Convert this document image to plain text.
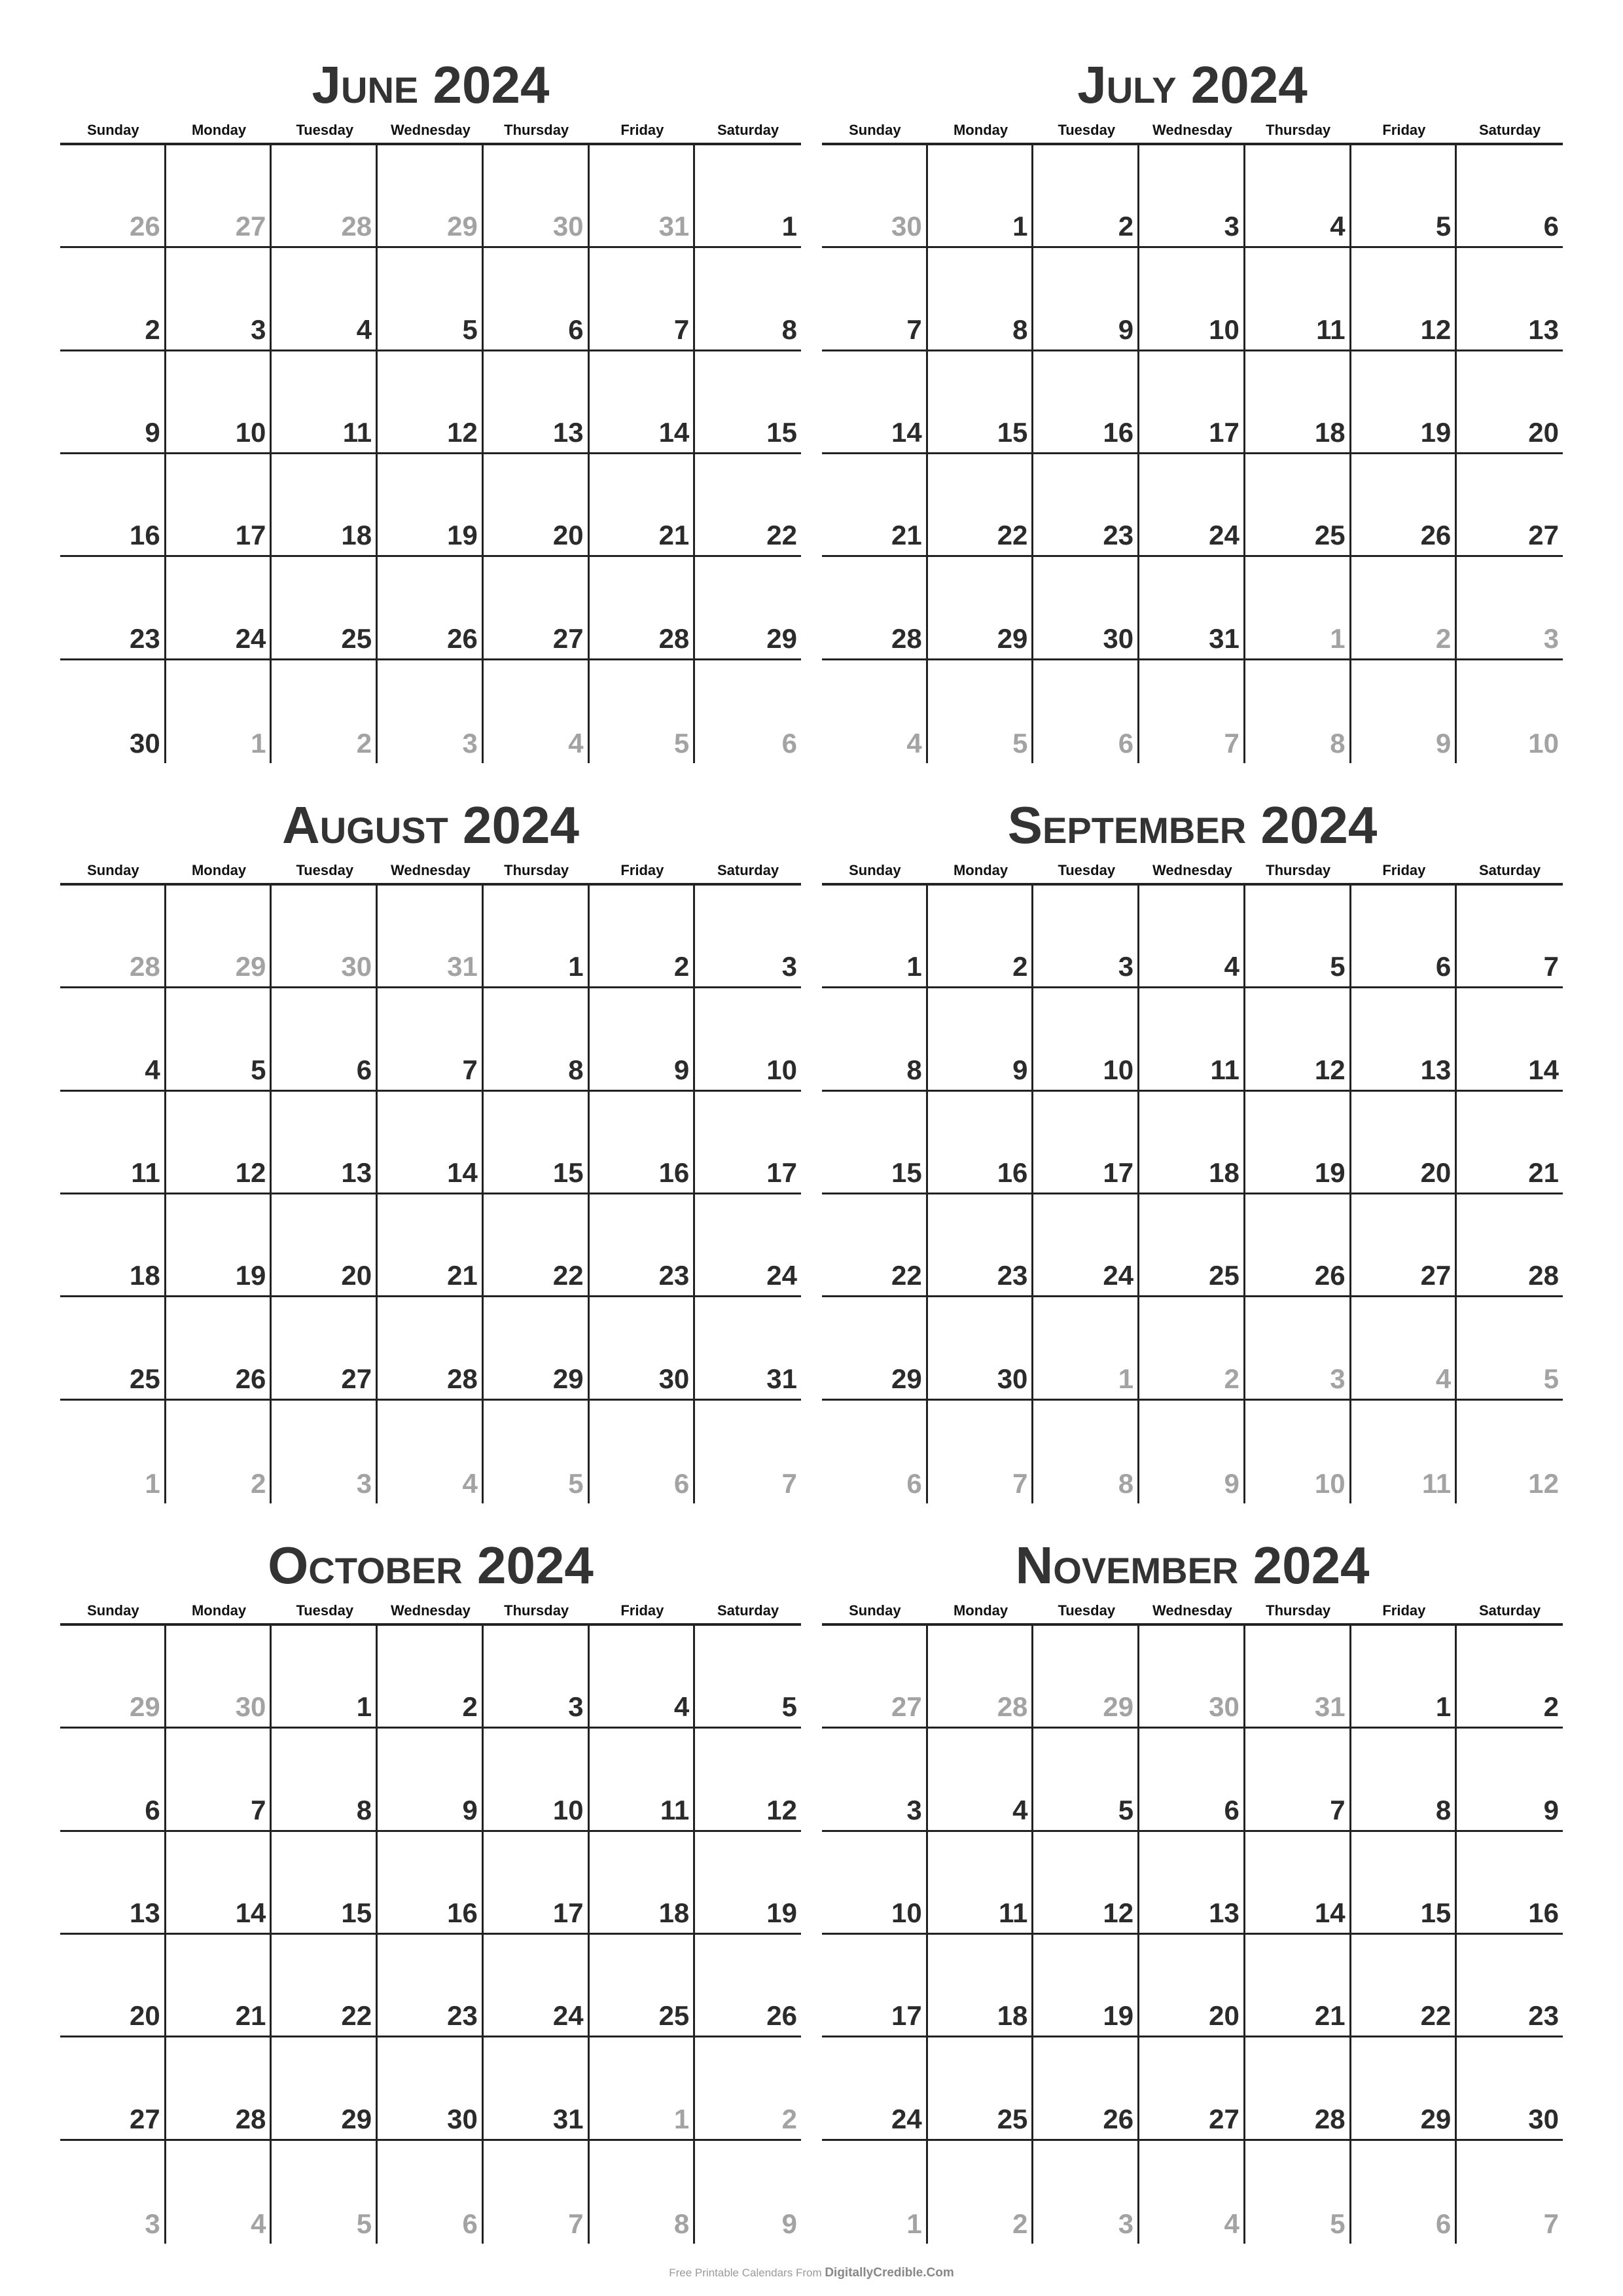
June 2024
Sunday	Monday	Tuesday	Wednesday	Thursday	Friday	Saturday
26	27	28	29	30	31	1
2	3	4	5	6	7	8
9	10	11	12	13	14	15
16	17	18	19	20	21	22
23	24	25	26	27	28	29
30	1	2	3	4	5	6
July 2024
Sunday	Monday	Tuesday	Wednesday	Thursday	Friday	Saturday
30	1	2	3	4	5	6
7	8	9	10	11	12	13
14	15	16	17	18	19	20
21	22	23	24	25	26	27
28	29	30	31	1	2	3
4	5	6	7	8	9	10
August 2024
Sunday	Monday	Tuesday	Wednesday	Thursday	Friday	Saturday
28	29	30	31	1	2	3
4	5	6	7	8	9	10
11	12	13	14	15	16	17
18	19	20	21	22	23	24
25	26	27	28	29	30	31
1	2	3	4	5	6	7
September 2024
Sunday	Monday	Tuesday	Wednesday	Thursday	Friday	Saturday
1	2	3	4	5	6	7
8	9	10	11	12	13	14
15	16	17	18	19	20	21
22	23	24	25	26	27	28
29	30	1	2	3	4	5
6	7	8	9	10	11	12
October 2024
Sunday	Monday	Tuesday	Wednesday	Thursday	Friday	Saturday
29	30	1	2	3	4	5
6	7	8	9	10	11	12
13	14	15	16	17	18	19
20	21	22	23	24	25	26
27	28	29	30	31	1	2
3	4	5	6	7	8	9
November 2024
Sunday	Monday	Tuesday	Wednesday	Thursday	Friday	Saturday
27	28	29	30	31	1	2
3	4	5	6	7	8	9
10	11	12	13	14	15	16
17	18	19	20	21	22	23
24	25	26	27	28	29	30
1	2	3	4	5	6	7
Free Printable Calendars From DigitallyCredible.Com
